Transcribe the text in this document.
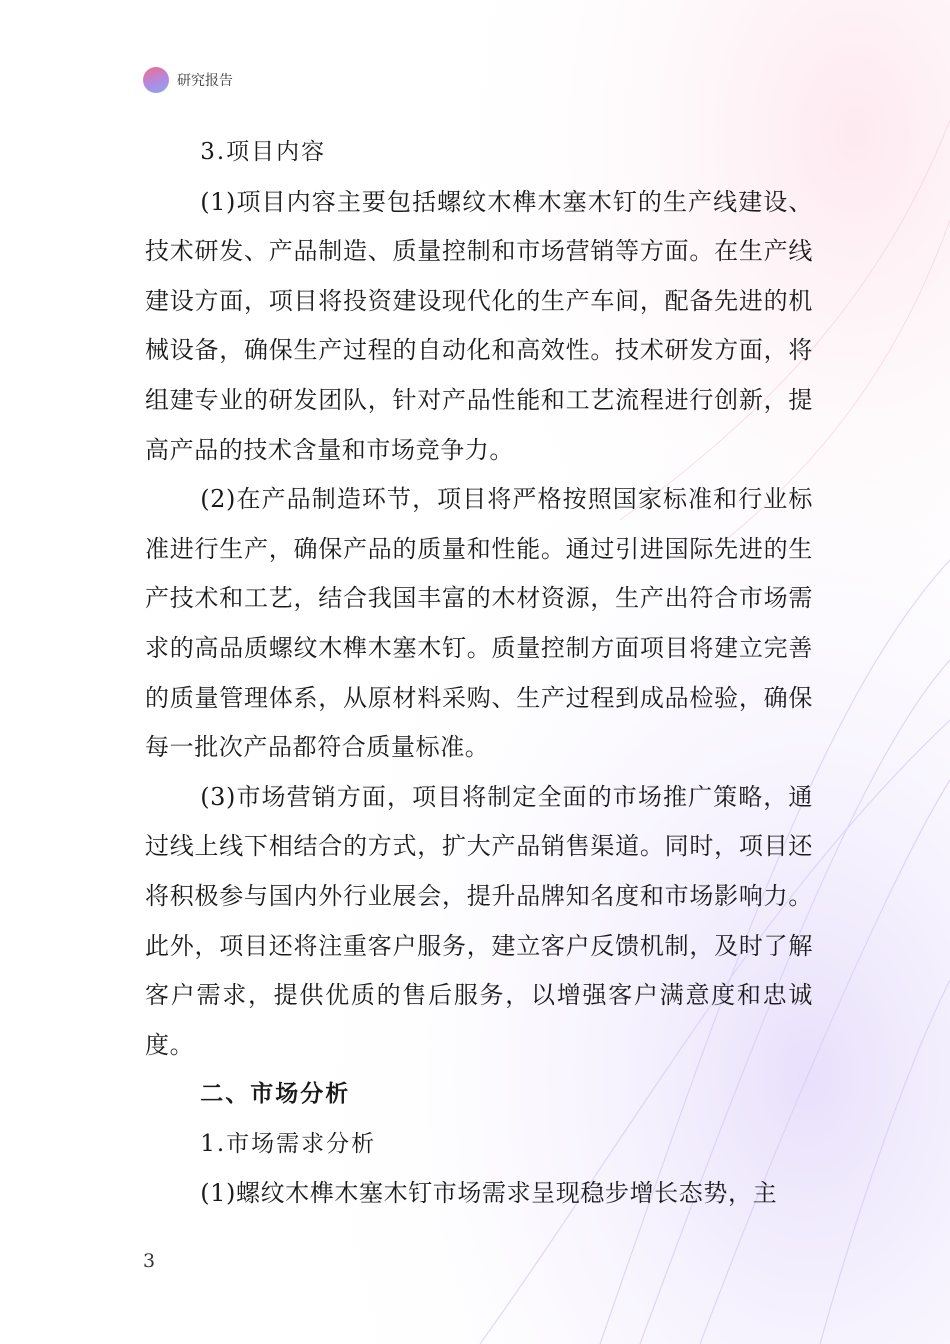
研究报告

3.项目内容

(1)项目内容主要包括螺纹木榫木塞木钉的生产线建设、技术研发、产品制造、质量控制和市场营销等方面。在生产线建设方面，项目将投资建设现代化的生产车间，配备先进的机械设备，确保生产过程的自动化和高效性。技术研发方面，将组建专业的研发团队，针对产品性能和工艺流程进行创新，提高产品的技术含量和市场竞争力。

(2)在产品制造环节，项目将严格按照国家标准和行业标准进行生产，确保产品的质量和性能。通过引进国际先进的生产技术和工艺，结合我国丰富的木材资源，生产出符合市场需求的高品质螺纹木榫木塞木钉。质量控制方面项目将建立完善的质量管理体系，从原材料采购、生产过程到成品检验，确保每一批次产品都符合质量标准。

(3)市场营销方面，项目将制定全面的市场推广策略，通过线上线下相结合的方式，扩大产品销售渠道。同时，项目还将积极参与国内外行业展会，提升品牌知名度和市场影响力。此外，项目还将注重客户服务，建立客户反馈机制，及时了解客户需求，提供优质的售后服务，以增强客户满意度和忠诚度。

二、市场分析

1.市场需求分析

(1)螺纹木榫木塞木钉市场需求呈现稳步增长态势，主

3
